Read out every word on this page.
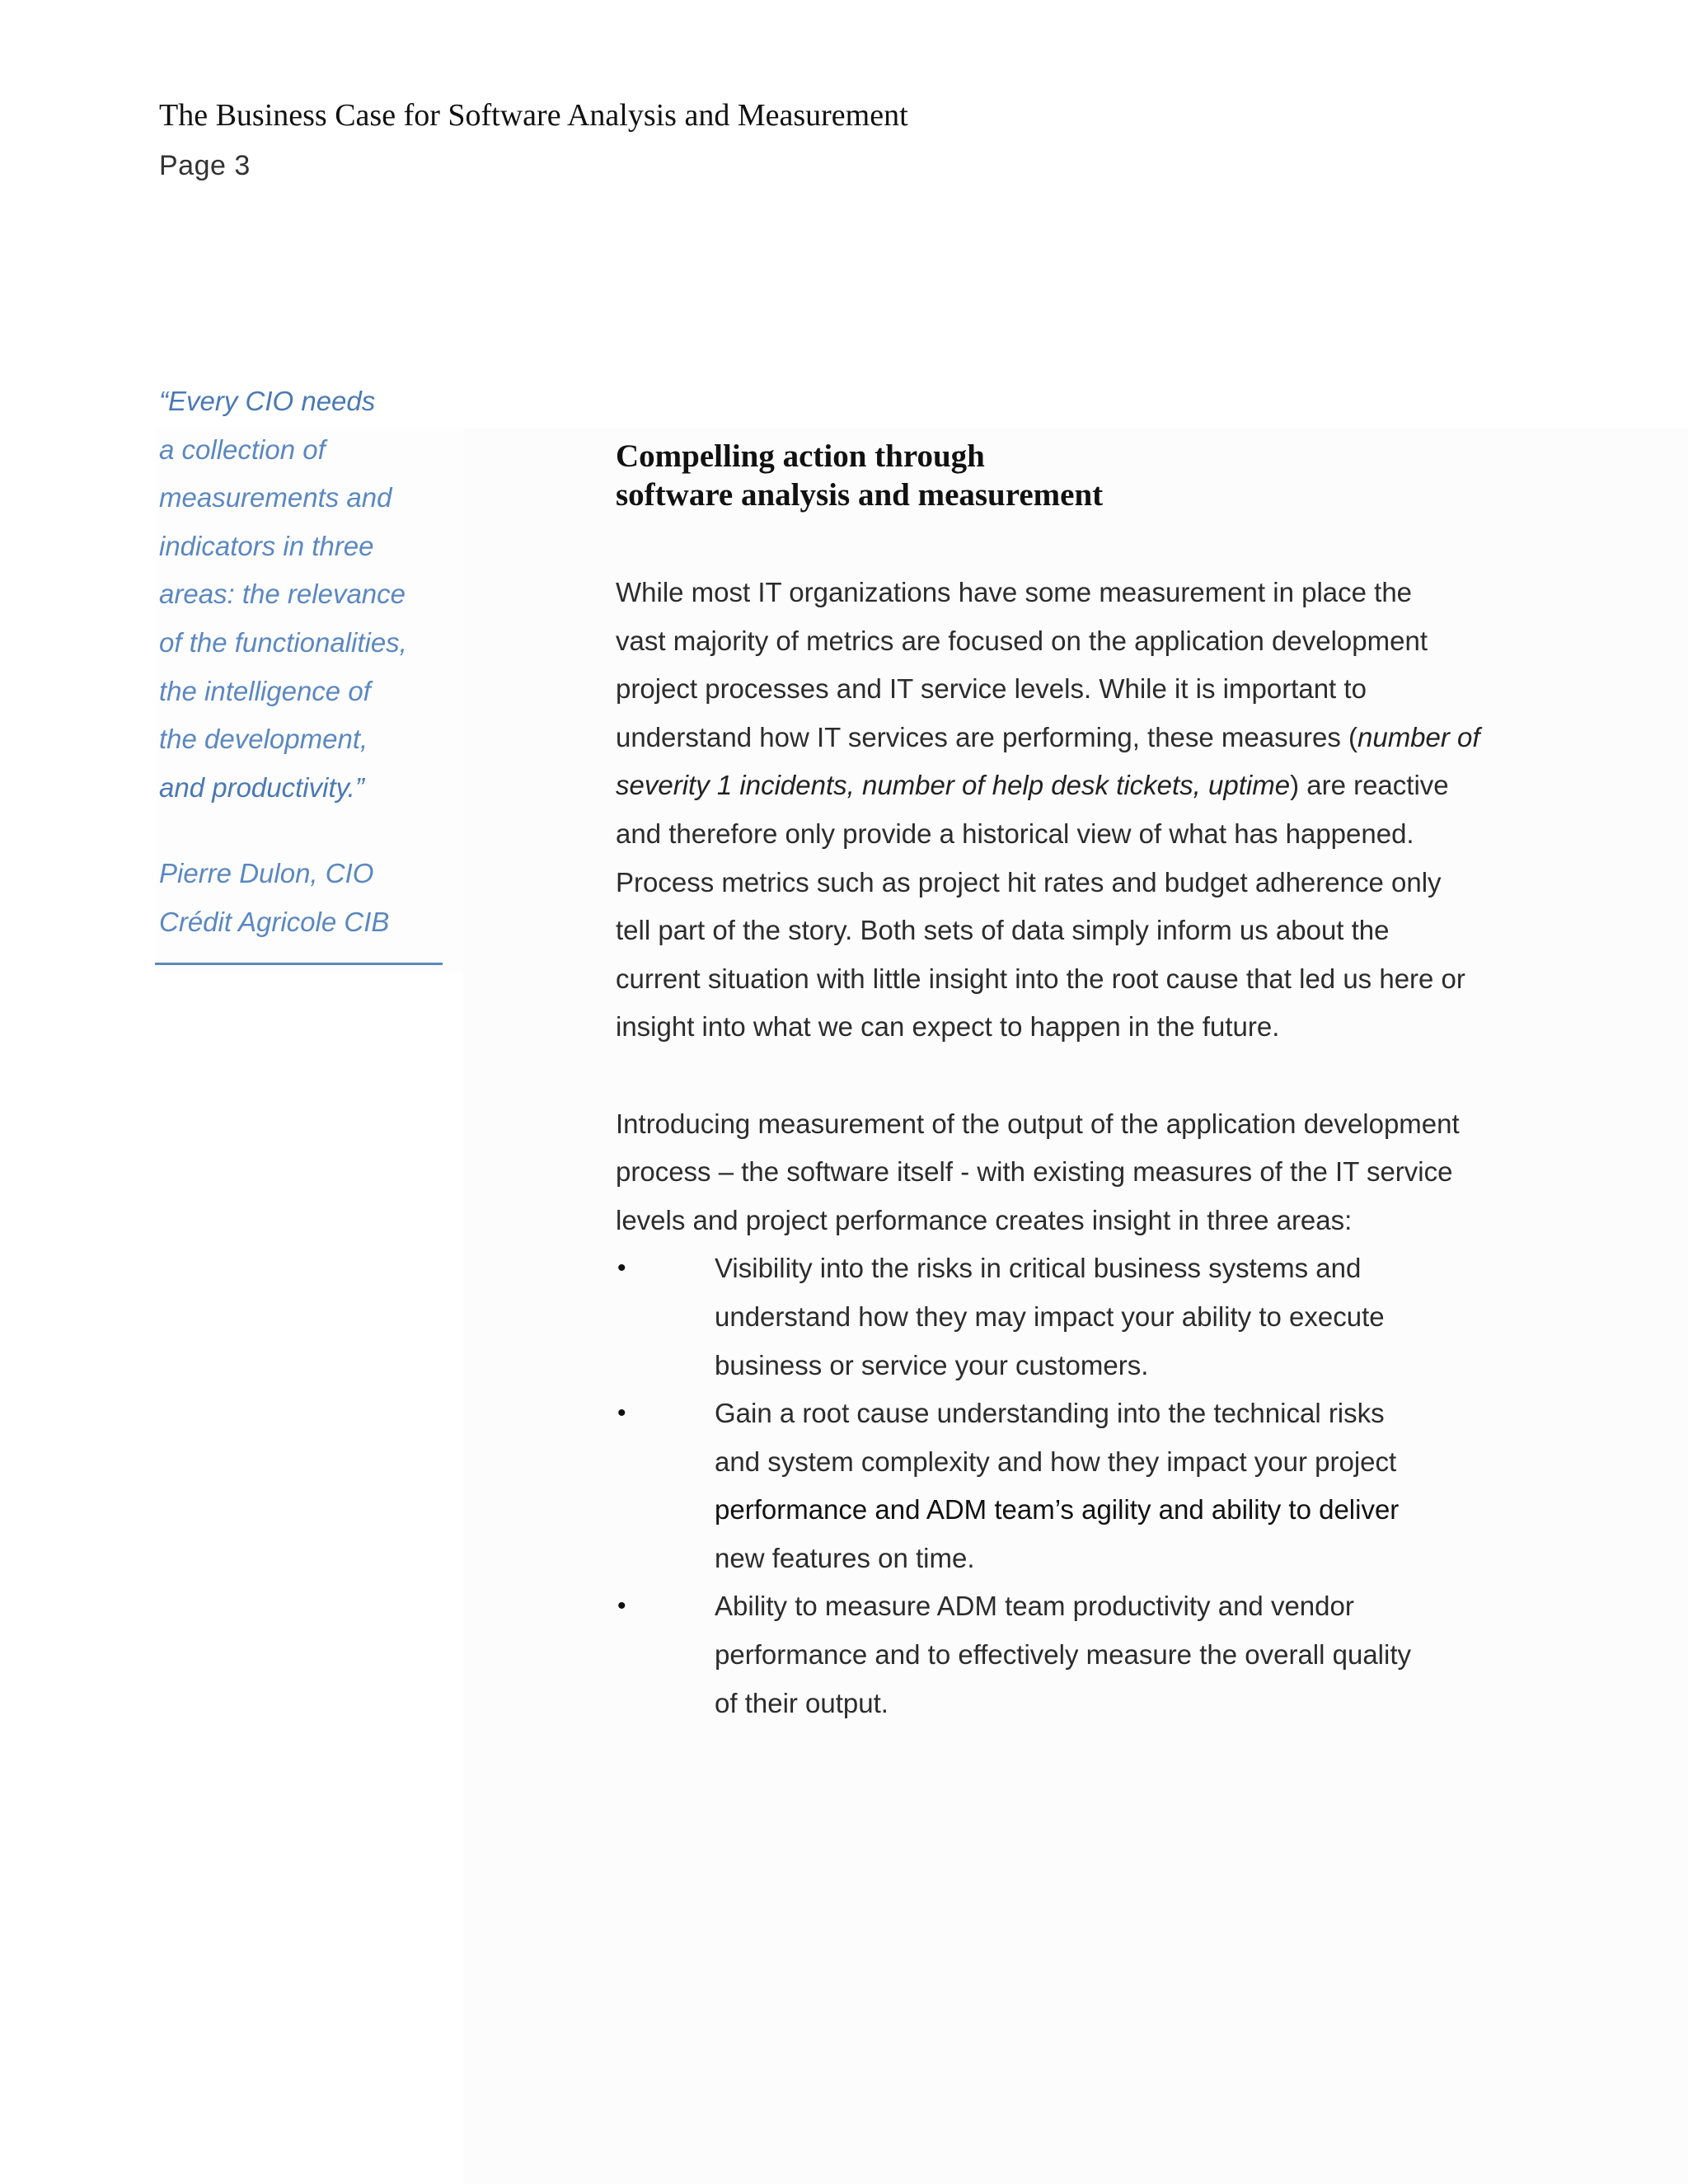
The Business Case for Software Analysis and Measurement
Page 3
“Every CIO needs
a collection of
measurements and
indicators in three
areas: the relevance
of the functionalities,
the intelligence of
the development,
and productivity.”
Pierre Dulon, CIO
Crédit Agricole CIB
Compelling action through
software analysis and measurement
While most IT organizations have some measurement in place the
vast majority of metrics are focused on the application development
project processes and IT service levels. While it is important to
understand how IT services are performing, these measures (number of
severity 1 incidents, number of help desk tickets, uptime) are reactive
and therefore only provide a historical view of what has happened.
Process metrics such as project hit rates and budget adherence only
tell part of the story. Both sets of data simply inform us about the
current situation with little insight into the root cause that led us here or
insight into what we can expect to happen in the future.
Introducing measurement of the output of the application development
process – the software itself - with existing measures of the IT service
levels and project performance creates insight in three areas:
•	Visibility into the risks in critical business systems and
understand how they may impact your ability to execute
business or service your customers.
•	Gain a root cause understanding into the technical risks
and system complexity and how they impact your project
performance and ADM team’s agility and ability to deliver
new features on time.
•	Ability to measure ADM team productivity and vendor
performance and to effectively measure the overall quality
of their output.
